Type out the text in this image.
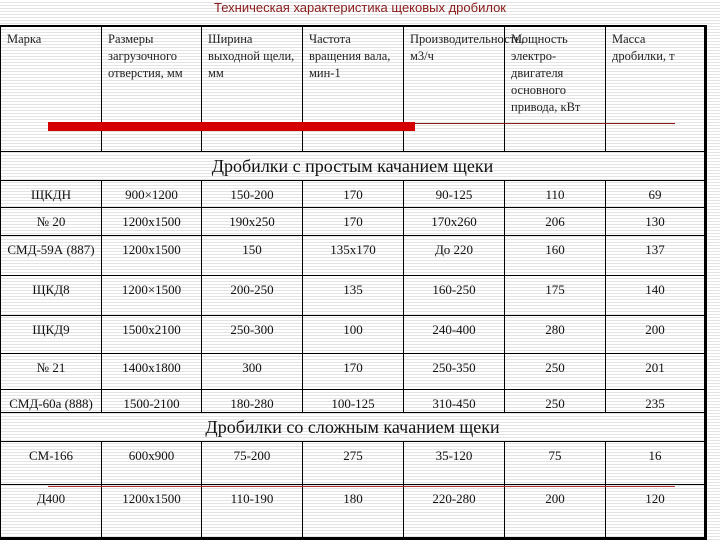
Техническая характеристика щековых дробилок
Марка	Размеры загрузочного отверстия, мм	Ширина выходной щели, мм	Частота вращения вала, мин-1	Производительность, м3/ч	Мощность электро- двигателя основного привода, кВт	Масса дробилки, т
Дробилки с простым качанием щеки						
ЩКДН	900×1200	150-200	170	90-125	110	69
№ 20	1200х1500	190х250	170	170х260	206	130
СМД-59А (887)	1200х1500	150	135х170	До 220	160	137
ЩКД8	1200×1500	200-250	135	160-250	175	140
ЩКД9	1500х2100	250-300	100	240-400	280	200
№ 21	1400х1800	300	170	250-350	250	201
СМД-60а (888)	1500-2100	180-280	100-125	310-450	250	235
Дробилки со сложным качанием щеки						
СМ-166	600х900	75-200	275	35-120	75	16
Д400	1200х1500	110-190	180	220-280	200	120
